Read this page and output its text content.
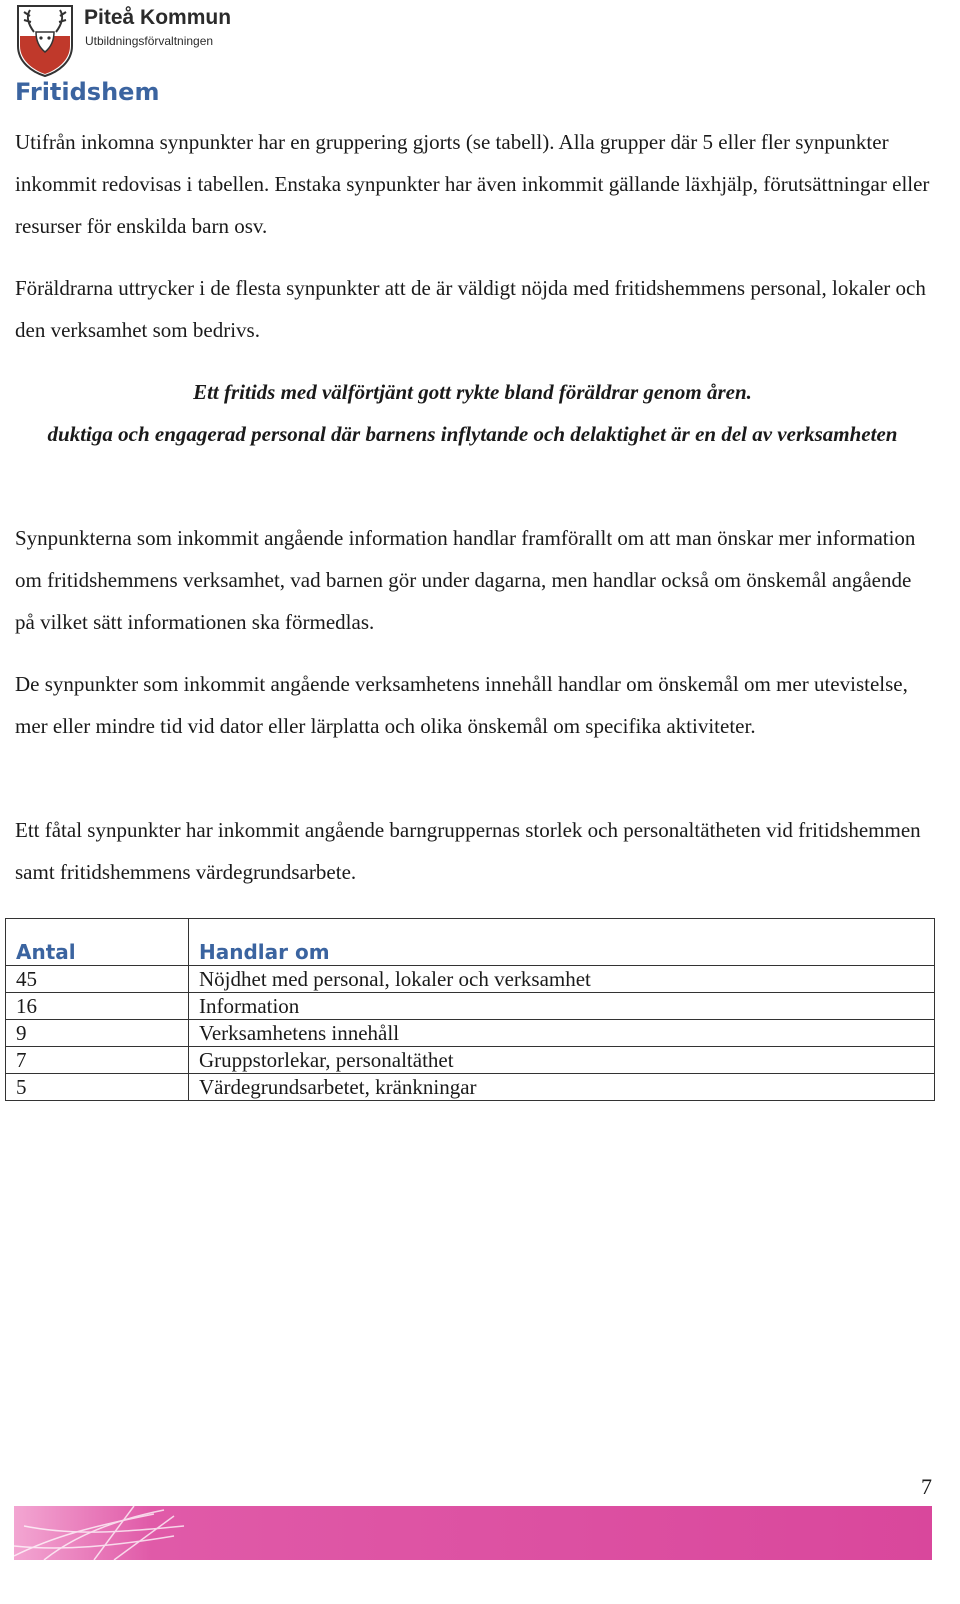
Piteå Kommun
Utbildningsförvaltningen
Fritidshem

Utifrån inkomna synpunkter har en gruppering gjorts (se tabell). Alla grupper där 5 eller fler synpunkter inkommit redovisas i tabellen. Enstaka synpunkter har även inkommit gällande läxhjälp, förutsättningar eller resurser för enskilda barn osv.

Föräldrarna uttrycker i de flesta synpunkter att de är väldigt nöjda med fritidshemmens personal, lokaler och den verksamhet som bedrivs.

Ett fritids med välförtjänt gott rykte bland föräldrar genom åren.
duktiga och engagerad personal där barnens inflytande och delaktighet är en del av verksamheten

Synpunkterna som inkommit angående information handlar framförallt om att man önskar mer information om fritidshemmens verksamhet, vad barnen gör under dagarna, men handlar också om önskemål angående på vilket sätt informationen ska förmedlas.

De synpunkter som inkommit angående verksamhetens innehåll handlar om önskemål om mer utevistelse, mer eller mindre tid vid dator eller lärplatta och olika önskemål om specifika aktiviteter.

Ett fåtal synpunkter har inkommit angående barngruppernas storlek och personaltätheten vid fritidshemmen samt fritidshemmens värdegrundsarbete.

Antal	Handlar om
45	Nöjdhet med personal, lokaler och verksamhet
16	Information
9	Verksamhetens innehåll
7	Gruppstorlekar, personaltäthet
5	Värdegrundsarbetet, kränkningar
7
